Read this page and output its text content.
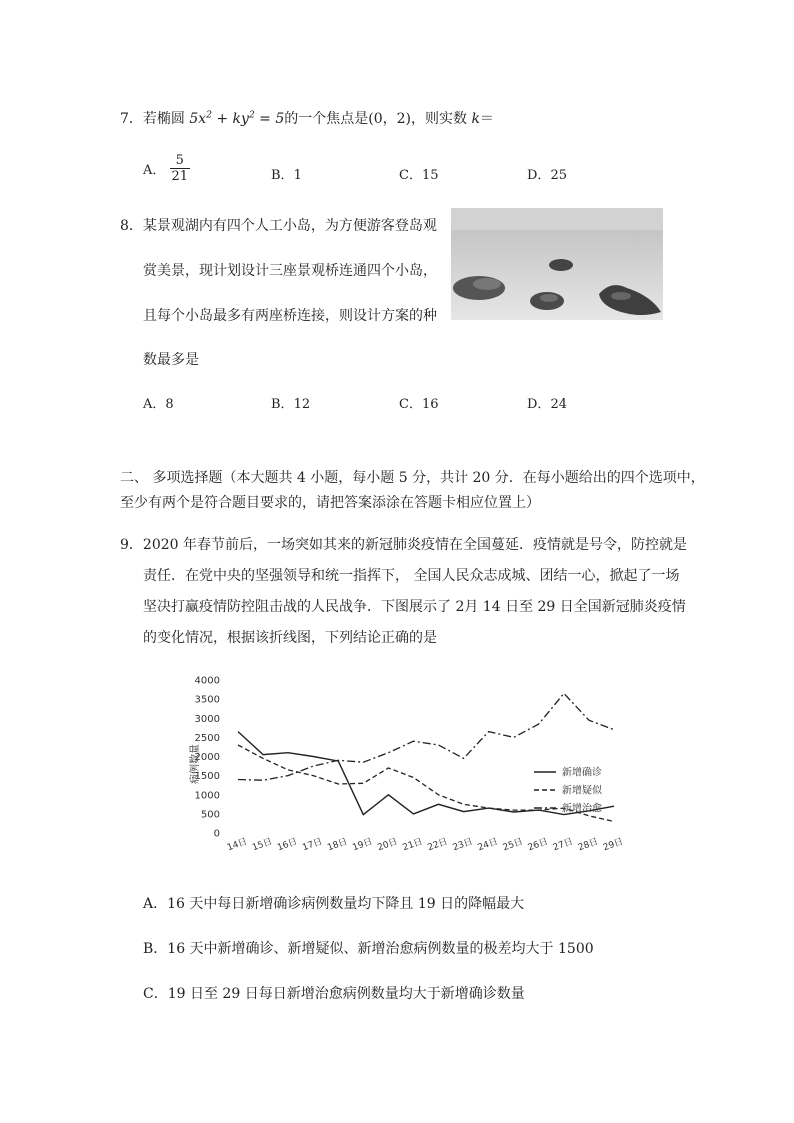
7．若椭圆 $5x^2 + ky^2 = 5$的一个焦点是(0，2)，则实数 k＝
A． $\frac{5}{21}$	B．1	C．15	D．25
8．某景观湖内有四个人工小岛，为方便游客登岛观
赏美景，现计划设计三座景观桥连通四个小岛，
且每个小岛最多有两座桥连接，则设计方案的种
数最多是
A．8	B．12	C．16	D．24
二、 多项选择题（本大题共 4 小题，每小题 5 分，共计 20 分．在每小题给出的四个选项中，
至少有两个是符合题目要求的，请把答案添涂在答题卡相应位置上）
9．2020 年春节前后，一场突如其来的新冠肺炎疫情在全国蔓延．疫情就是号令，防控就是
责任．在党中央的坚强领导和统一指挥下， 全国人民众志成城、团结一心，掀起了一场
坚决打赢疫情防控阻击战的人民战争．下图展示了 2月 14 日至 29 日全国新冠肺炎疫情
的变化情况，根据该折线图，下列结论正确的是
4000
3500
3000
2500
2000
1500
1000
500
0
14日 15日 16日 17日 18日 19日 20日 21日 22日 23日 24日 25日 26日 27日 28日 29日
病例数量	新增确诊
新增疑似
新增治愈
A．16 天中每日新增确诊病例数量均下降且 19 日的降幅最大
B．16 天中新增确诊、新增疑似、新增治愈病例数量的极差均大于 1500
C．19 日至 29 日每日新增治愈病例数量均大于新增确诊数量
